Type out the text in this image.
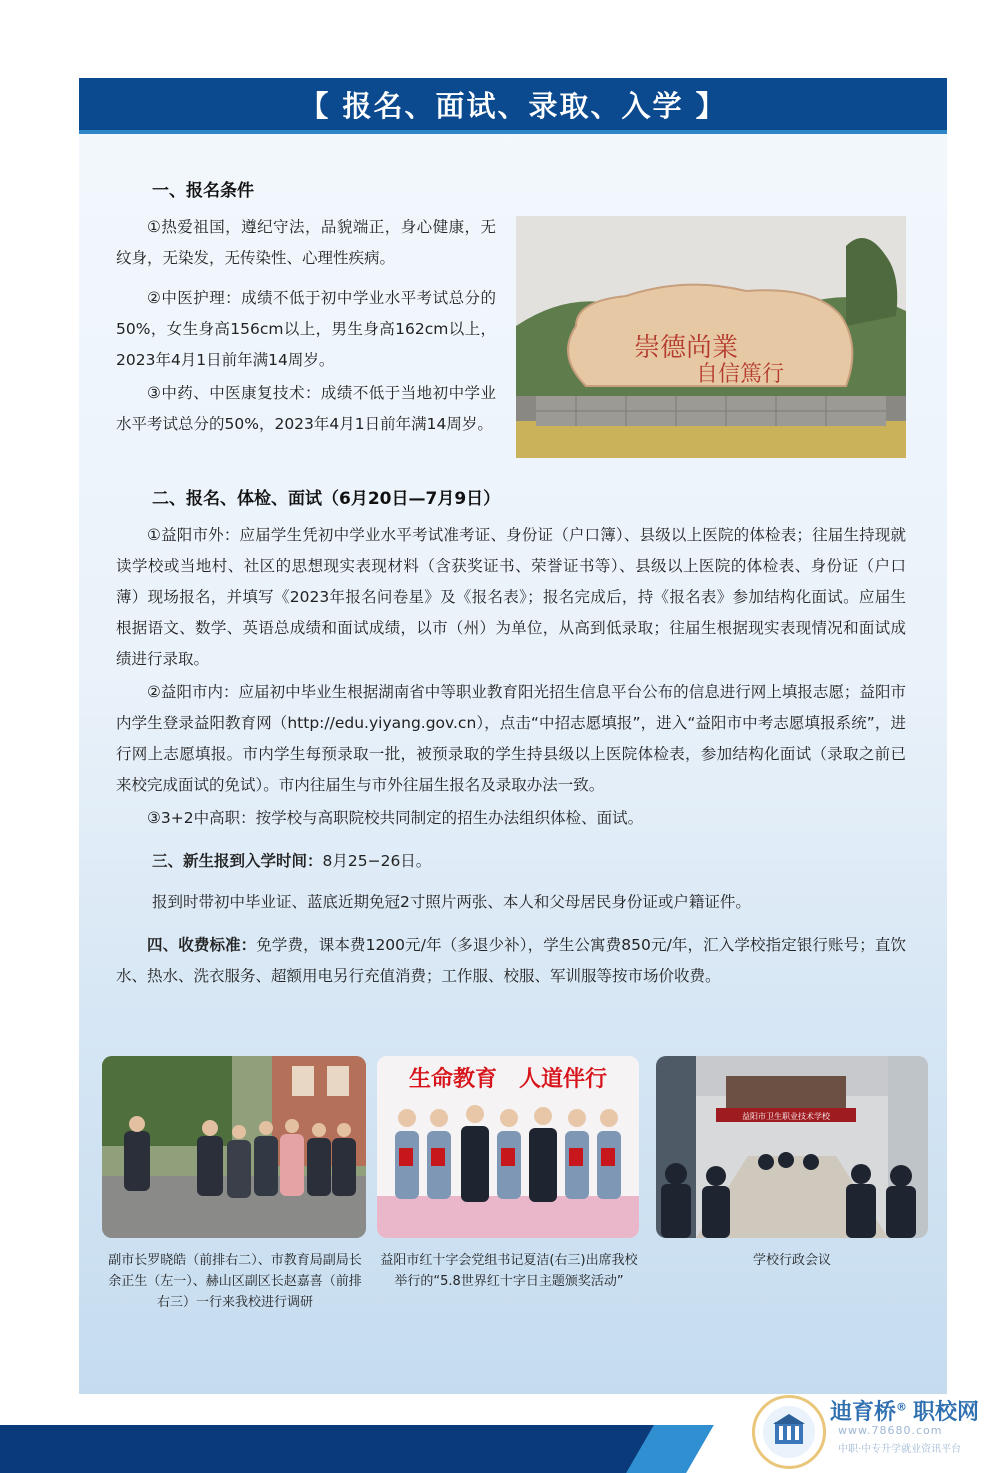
【 报名、面试、录取、入学 】
一、报名条件
①热爱祖国，遵纪守法，品貌端正，身心健康，无纹身，无染发，无传染性、心理性疾病。
②中医护理：成绩不低于初中学业水平考试总分的50%，女生身高156cm以上，男生身高162cm以上，2023年4月1日前年满14周岁。
③中药、中医康复技术：成绩不低于当地初中学业水平考试总分的50%，2023年4月1日前年满14周岁。
崇德尚業
自信篤行
二、报名、体检、面试（6月20日—7月9日）
①益阳市外：应届学生凭初中学业水平考试准考证、身份证（户口簿）、县级以上医院的体检表；往届生持现就读学校或当地村、社区的思想现实表现材料（含获奖证书、荣誉证书等）、县级以上医院的体检表、身份证（户口薄）现场报名，并填写《2023年报名问卷星》及《报名表》；报名完成后，持《报名表》参加结构化面试。应届生根据语文、数学、英语总成绩和面试成绩，以市（州）为单位，从高到低录取；往届生根据现实表现情况和面试成绩进行录取。
②益阳市内：应届初中毕业生根据湖南省中等职业教育阳光招生信息平台公布的信息进行网上填报志愿；益阳市内学生登录益阳教育网（http://edu.yiyang.gov.cn），点击“中招志愿填报”，进入“益阳市中考志愿填报系统”，进行网上志愿填报。市内学生每预录取一批，被预录取的学生持县级以上医院体检表，参加结构化面试（录取之前已来校完成面试的免试）。市内往届生与市外往届生报名及录取办法一致。
③3+2中高职：按学校与高职院校共同制定的招生办法组织体检、面试。
三、新生报到入学时间：8月25−26日。
报到时带初中毕业证、蓝底近期免冠2寸照片两张、本人和父母居民身份证或户籍证件。
四、收费标准：免学费，课本费1200元/年（多退少补），学生公寓费850元/年，汇入学校指定银行账号；直饮水、热水、洗衣服务、超额用电另行充值消费；工作服、校服、军训服等按市场价收费。
副市长罗晓皓（前排右二）、市教育局副局长余正生（左一）、赫山区副区长赵嘉喜（前排右三）一行来我校进行调研
生命教育　人道伴行
益阳市红十字会党组书记夏洁(右三)出席我校举行的“5.8世界红十字日主题颁奖活动”
益阳市卫生职业技术学校
学校行政会议
迪育桥® 职校网
www.78680.com
中职·中专升学就业资讯平台
